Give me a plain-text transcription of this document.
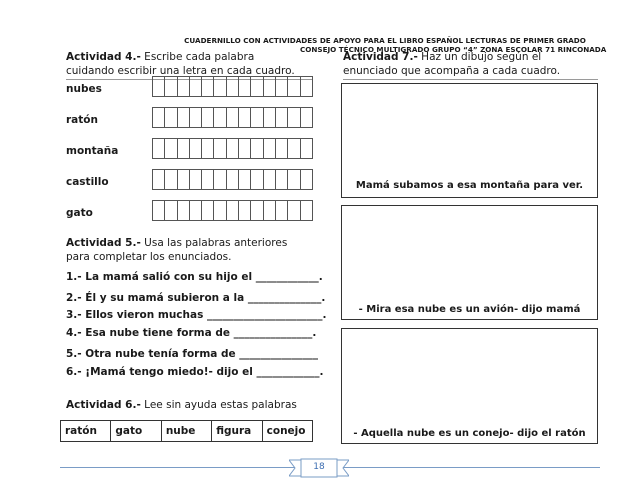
CUADERNILLO CON ACTIVIDADES DE APOYO PARA EL LIBRO ESPAÑOL LECTURAS DE PRIMER GRADO
CONSEJO TÉCNICO MULTIGRADO GRUPO “4” ZONA ESCOLAR 71 RINCONADA
Actividad 4.- Escribe cada palabra
cuidando escribir una letra en cada cuadro.
nubes
ratón
montaña
castillo
gato
Actividad 5.- Usa las palabras anteriores
para completar los enunciados.
1.- La mamá salió con su hijo el ____________.
2.- Él y su mamá subieron a la ______________.
3.- Ellos vieron muchas ______________________.
4.- Esa nube tiene forma de _______________.
5.- Otra nube tenía forma de _______________
6.- ¡Mamá tengo miedo!- dijo el ____________.
Actividad 6.- Lee sin ayuda estas palabras
ratón	gato	nube	figura	conejo
Actividad 7.- Haz un dibujo según el
enunciado que acompaña a cada cuadro.
Mamá subamos a esa montaña para ver.
- Mira esa nube es un avión- dijo mamá
- Aquella nube es un conejo- dijo el ratón
18
